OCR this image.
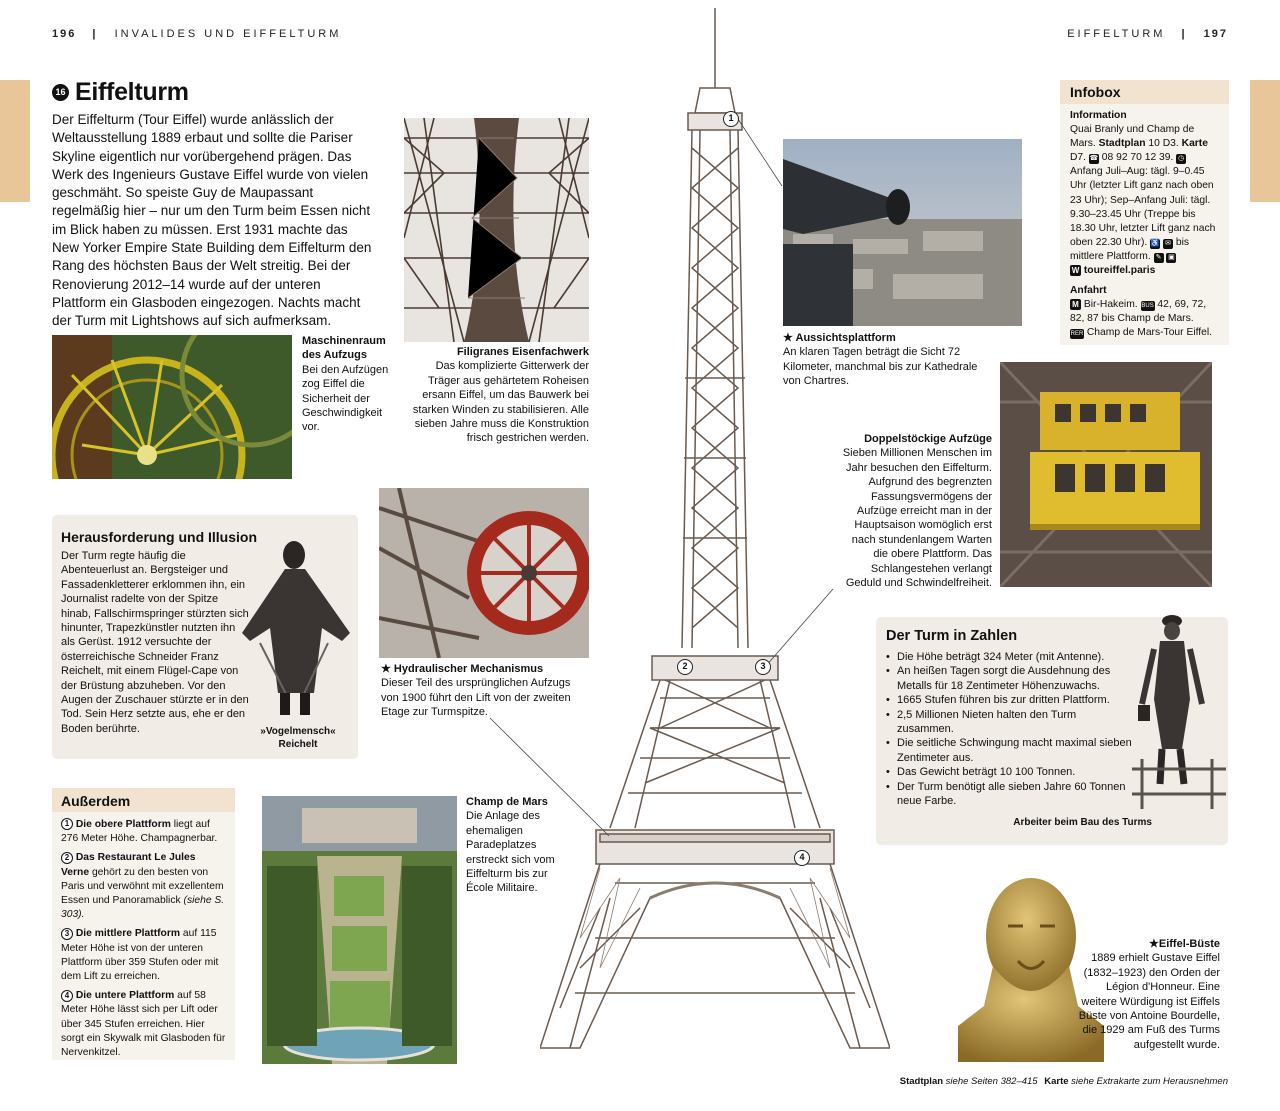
196 | INVALIDES UND EIFFELTURM	EIFFELTURM | 197
16 Eiffelturm

Der Eiffelturm (Tour Eiffel) wurde anlässlich der Weltausstellung 1889 erbaut und sollte die Pariser Skyline eigentlich nur vorübergehend prägen. Das Werk des Ingenieurs Gustave Eiffel wurde von vielen geschmäht. So speiste Guy de Maupassant regelmäßig hier – nur um den Turm beim Essen nicht im Blick haben zu müssen. Erst 1931 machte das New Yorker Empire State Building dem Eiffelturm den Rang des höchsten Baus der Welt streitig. Bei der Renovierung 2012–14 wurde auf der unteren Plattform ein Glasboden eingezogen. Nachts macht der Turm mit Lightshows auf sich aufmerksam.

Maschinenraum des Aufzugs
Bei den Aufzügen zog Eiffel die Sicherheit der Geschwindigkeit vor.
Filigranes Eisenfachwerk
Das komplizierte Gitterwerk der Träger aus gehärtetem Roheisen ersann Eiffel, um das Bauwerk bei starken Winden zu stabilisieren. Alle sieben Jahre muss die Konstruktion frisch gestrichen werden.
Herausforderung und Illusion

Der Turm regte häufig die Abenteuerlust an. Bergsteiger und Fassadenkletterer erklommen ihn, ein Journalist radelte von der Spitze hinab, Fallschirmspringer stürzten sich hinunter, Trapezkünstler nutzten ihn als Gerüst. 1912 versuchte der österreichische Schneider Franz Reichelt, mit einem Flügel-Cape von der Brüstung abzuheben. Vor den Augen der Zuschauer stürzte er in den Tod. Sein Herz setzte aus, ehe er den Boden berührte.	»Vogelmensch« Reichelt
★ Hydraulischer Mechanismus
Dieser Teil des ursprünglichen Aufzugs von 1900 führt den Lift von der zweiten Etage zur Turmspitze.
Außerdem

1 Die obere Plattform liegt auf 276 Meter Höhe. Champagnerbar.

2 Das Restaurant Le Jules Verne gehört zu den besten von Paris und verwöhnt mit exzellentem Essen und Panoramablick (siehe S. 303).

3 Die mittlere Plattform auf 115 Meter Höhe ist von der unteren Plattform über 359 Stufen oder mit dem Lift zu erreichen.

4 Die untere Plattform auf 58 Meter Höhe lässt sich per Lift oder über 345 Stufen erreichen. Hier sorgt ein Skywalk mit Glasboden für Nervenkitzel.

Champ de Mars
Die Anlage des ehemaligen Paradeplatzes erstreckt sich vom Eiffelturm bis zur École Militaire.
1
2	3
4
★ Aussichtsplattform
An klaren Tagen beträgt die Sicht 72 Kilometer, manchmal bis zur Kathedrale von Chartres.
Doppelstöckige Aufzüge
Sieben Millionen Menschen im Jahr besuchen den Eiffelturm. Aufgrund des begrenzten Fassungsvermögens der Aufzüge erreicht man in der Hauptsaison womöglich erst nach stundenlangem Warten die obere Plattform. Das Schlangestehen verlangt Geduld und Schwindelfreiheit.
Infobox
Information
Quai Branly und Champ de Mars. Stadtplan 10 D3. Karte D7. ☎ 08 92 70 12 39. ◷ Anfang Juli–Aug: tägl. 9–0.45 Uhr (letzter Lift ganz nach oben 23 Uhr); Sep–Anfang Juli: tägl. 9.30–23.45 Uhr (Treppe bis 18.30 Uhr, letzter Lift ganz nach oben 22.30 Uhr). ♿ ✉ bis mittlere Plattform. ✎ ▣
W toureiffel.paris
Anfahrt
M Bir-Hakeim. BUS 42, 69, 72, 82, 87 bis Champ de Mars.
RER Champ de Mars-Tour Eiffel.
Der Turm in Zahlen
• Die Höhe beträgt 324 Meter (mit Antenne).
• An heißen Tagen sorgt die Ausdehnung des Metalls für 18 Zentimeter Höhenzuwachs.
• 1665 Stufen führen bis zur dritten Plattform.
• 2,5 Millionen Nieten halten den Turm zusammen.
• Die seitliche Schwingung macht maximal sieben Zentimeter aus.
• Das Gewicht beträgt 10 100 Tonnen.
• Der Turm benötigt alle sieben Jahre 60 Tonnen neue Farbe.
Arbeiter beim Bau des Turms
★Eiffel-Büste
1889 erhielt Gustave Eiffel (1832–1923) den Orden der Légion d'Honneur. Eine weitere Würdigung ist Eiffels Büste von Antoine Bourdelle, die 1929 am Fuß des Turms aufgestellt wurde.
Stadtplan siehe Seiten 382–415 Karte siehe Extrakarte zum Herausnehmen
